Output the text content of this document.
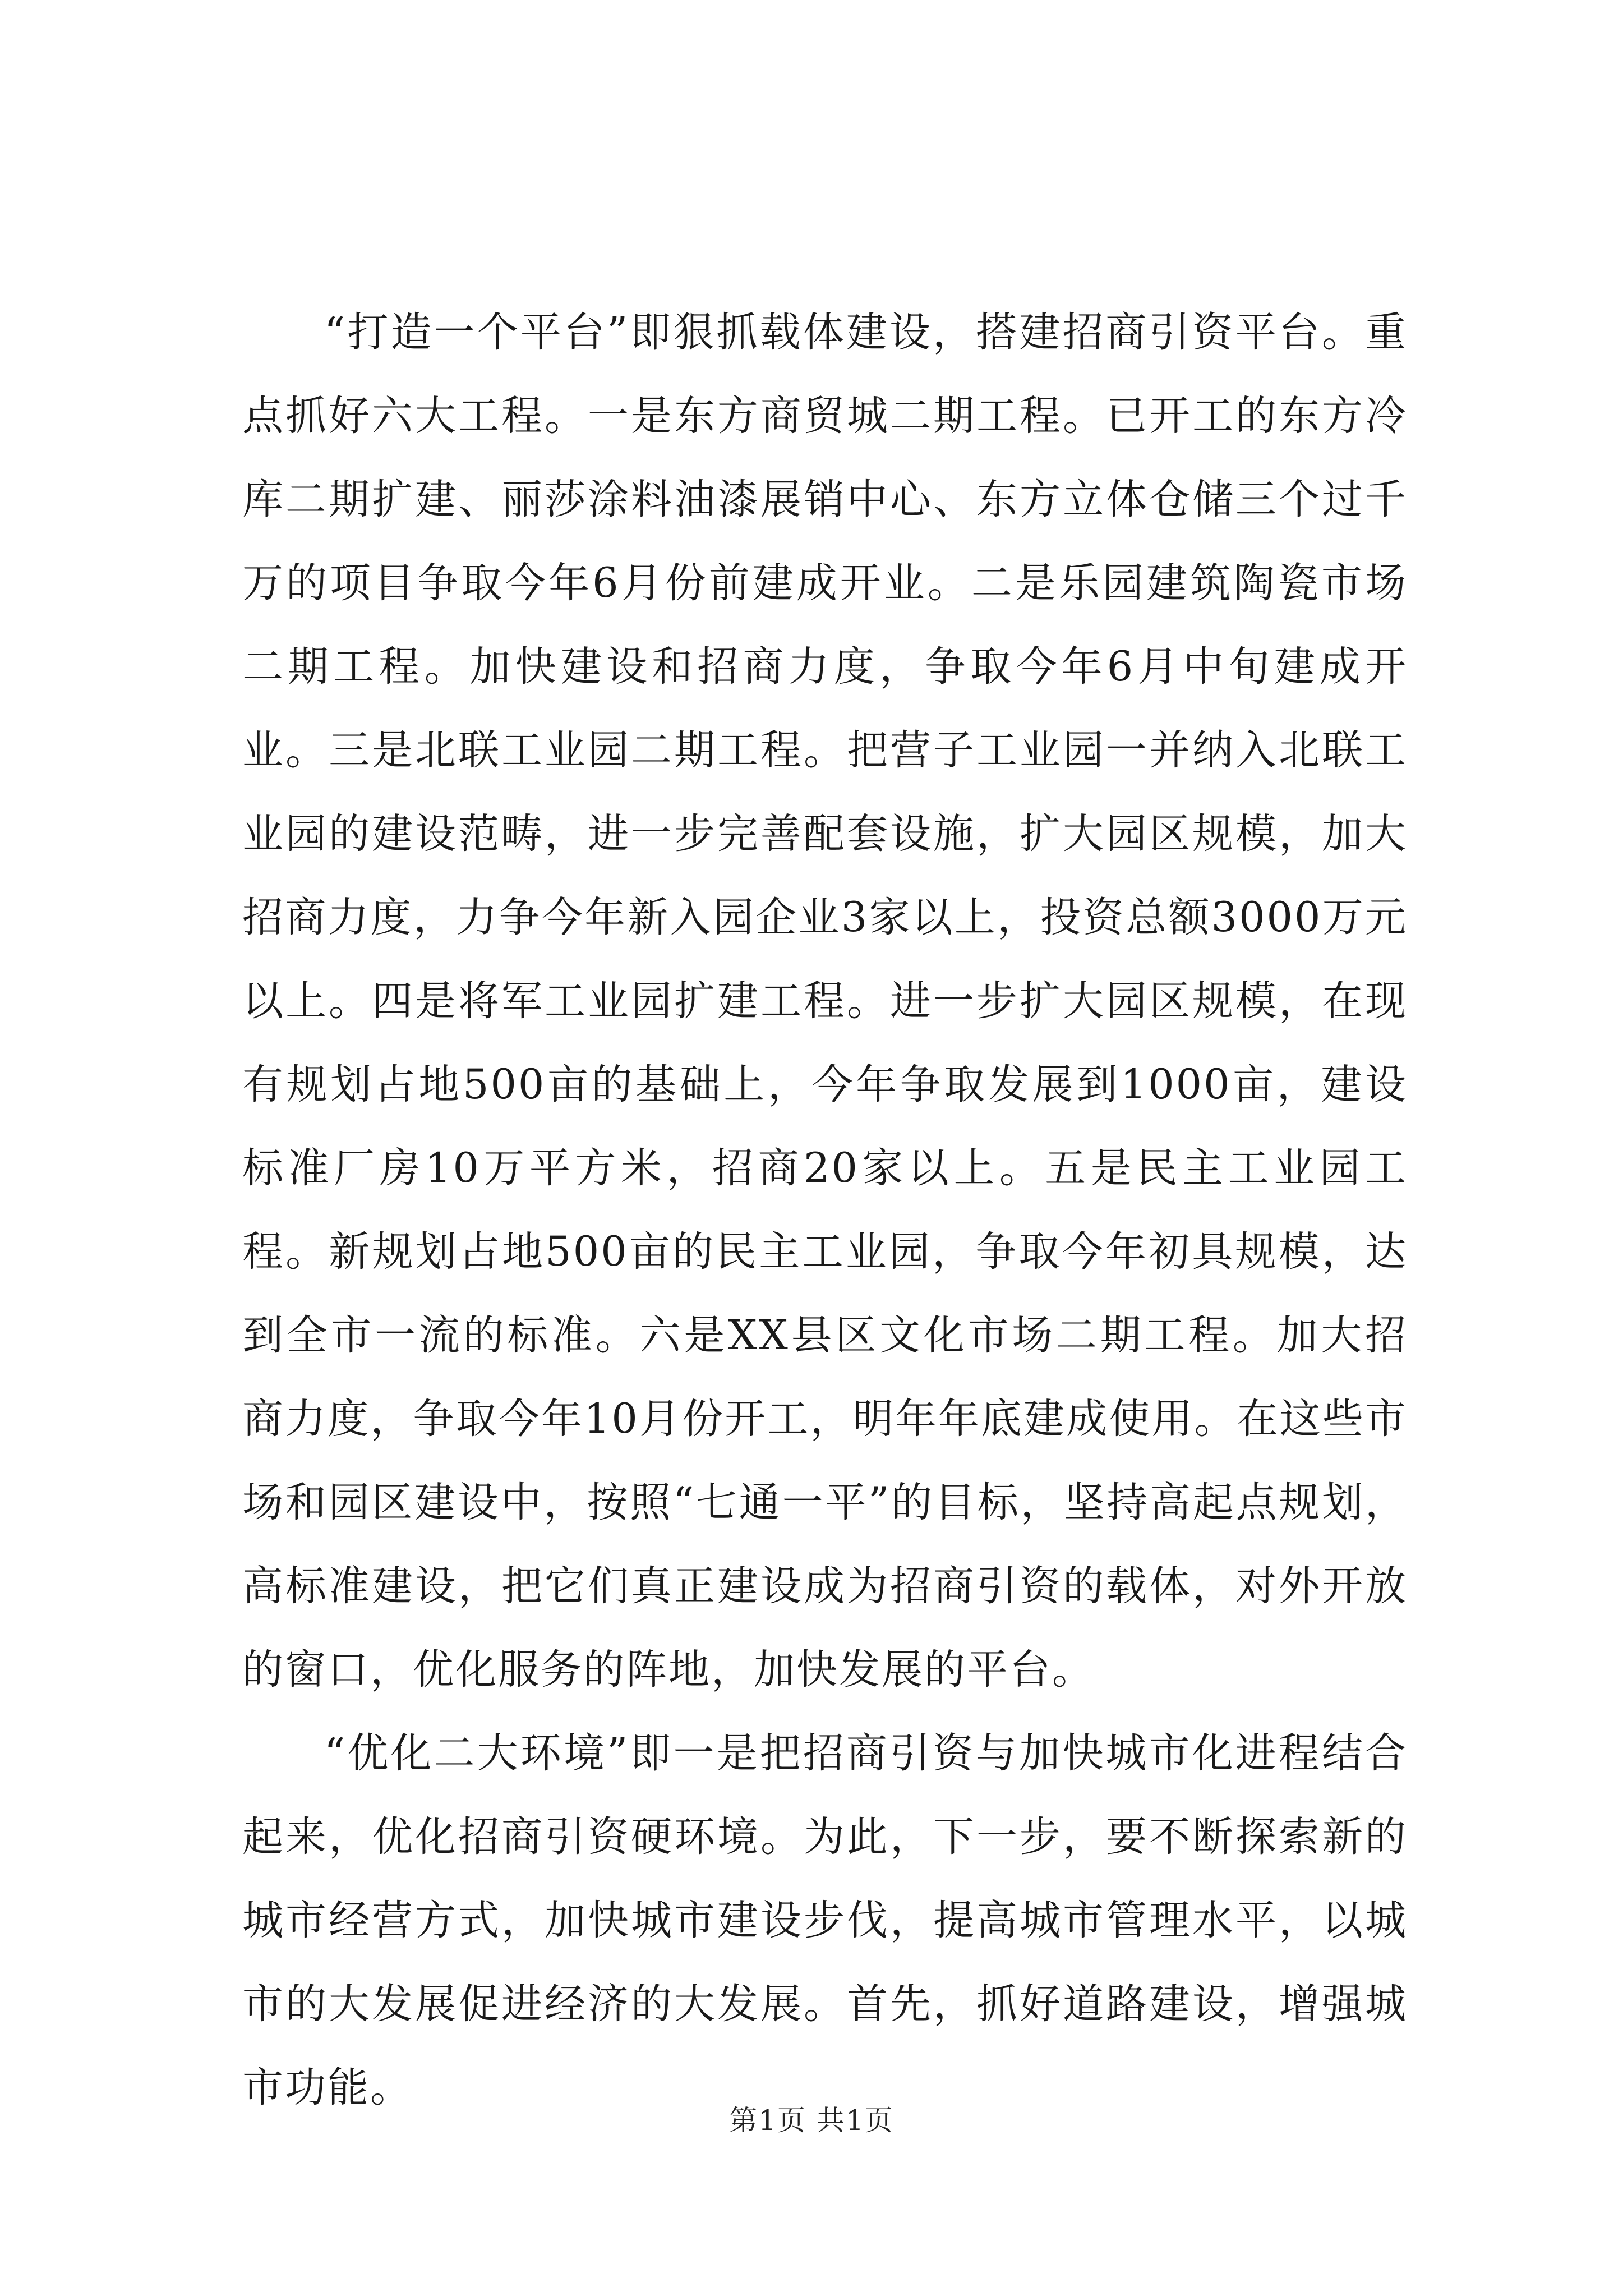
“打造一个平台”即狠抓载体建设，搭建招商引资平台。重点抓好六大工程。一是东方商贸城二期工程。已开工的东方冷库二期扩建、丽莎涂料油漆展销中心、东方立体仓储三个过千万的项目争取今年6月份前建成开业。二是乐园建筑陶瓷市场二期工程。加快建设和招商力度，争取今年6月中旬建成开业。三是北联工业园二期工程。把营子工业园一并纳入北联工业园的建设范畴，进一步完善配套设施，扩大园区规模，加大招商力度，力争今年新入园企业3家以上，投资总额3000万元以上。四是将军工业园扩建工程。进一步扩大园区规模，在现有规划占地500亩的基础上，今年争取发展到1000亩，建设标准厂房10万平方米，招商20家以上。五是民主工业园工程。新规划占地500亩的民主工业园，争取今年初具规模，达到全市一流的标准。六是XX县区文化市场二期工程。加大招商力度，争取今年10月份开工，明年年底建成使用。在这些市场和园区建设中，按照“七通一平”的目标，坚持高起点规划，高标准建设，把它们真正建设成为招商引资的载体，对外开放的窗口，优化服务的阵地，加快发展的平台。

“优化二大环境”即一是把招商引资与加快城市化进程结合起来，优化招商引资硬环境。为此，下一步，要不断探索新的城市经营方式，加快城市建设步伐，提高城市管理水平，以城市的大发展促进经济的大发展。首先，抓好道路建设，增强城市功能。

第1页 共1页
